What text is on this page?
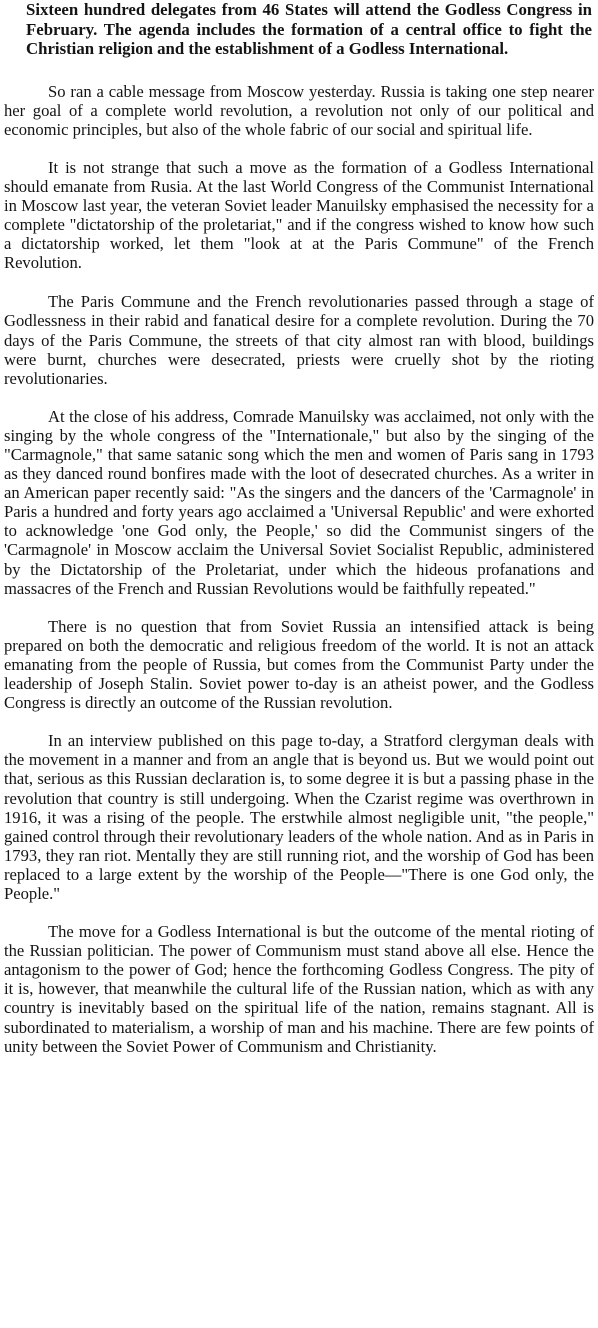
Sixteen hundred delegates from 46 States will attend the Godless Congress in February. The agenda includes the formation of a central office to fight the Christian religion and the establishment of a Godless International.

So ran a cable message from Moscow yesterday. Russia is taking one step nearer her goal of a complete world revolution, a revolution not only of our political and economic principles, but also of the whole fabric of our social and spiritual life.

It is not strange that such a move as the formation of a Godless International should emanate from Rusia. At the last World Congress of the Communist International in Moscow last year, the veteran Soviet leader Manuilsky emphasised the necessity for a complete "dictatorship of the proletariat," and if the congress wished to know how such a dictatorship worked, let them "look at at the Paris Commune" of the French Revolution.

The Paris Commune and the French revolutionaries passed through a stage of Godlessness in their rabid and fanatical desire for a complete revolution. During the 70 days of the Paris Commune, the streets of that city almost ran with blood, buildings were burnt, churches were desecrated, priests were cruelly shot by the rioting revolutionaries.

At the close of his address, Comrade Manuilsky was acclaimed, not only with the singing by the whole congress of the "Internationale," but also by the singing of the "Carmagnole," that same satanic song which the men and women of Paris sang in 1793 as they danced round bonfires made with the loot of desecrated churches. As a writer in an American paper recently said: "As the singers and the dancers of the 'Carmagnole' in Paris a hundred and forty years ago acclaimed a 'Universal Republic' and were exhorted to acknowledge 'one God only, the People,' so did the Communist singers of the 'Carmagnole' in Moscow acclaim the Universal Soviet Socialist Republic, administered by the Dictatorship of the Proletariat, under which the hideous profanations and massacres of the French and Russian Revolutions would be faithfully repeated."

There is no question that from Soviet Russia an intensified attack is being prepared on both the democratic and religious freedom of the world. It is not an attack emanating from the people of Russia, but comes from the Communist Party under the leadership of Joseph Stalin. Soviet power to-day is an atheist power, and the Godless Congress is directly an outcome of the Russian revolution.

In an interview published on this page to-day, a Stratford clergyman deals with the movement in a manner and from an angle that is beyond us. But we would point out that, serious as this Russian declaration is, to some degree it is but a passing phase in the revolution that country is still undergoing. When the Czarist regime was overthrown in 1916, it was a rising of the people. The erstwhile almost negligible unit, "the people," gained control through their revolutionary leaders of the whole nation. And as in Paris in 1793, they ran riot. Mentally they are still running riot, and the worship of God has been replaced to a large extent by the worship of the People—"There is one God only, the People."

The move for a Godless International is but the outcome of the mental rioting of the Russian politician. The power of Communism must stand above all else. Hence the antagonism to the power of God; hence the forthcoming Godless Congress. The pity of it is, however, that meanwhile the cultural life of the Russian nation, which as with any country is inevitably based on the spiritual life of the nation, remains stagnant. All is subordinated to materialism, a worship of man and his machine. There are few points of unity between the Soviet Power of Communism and Christianity.
